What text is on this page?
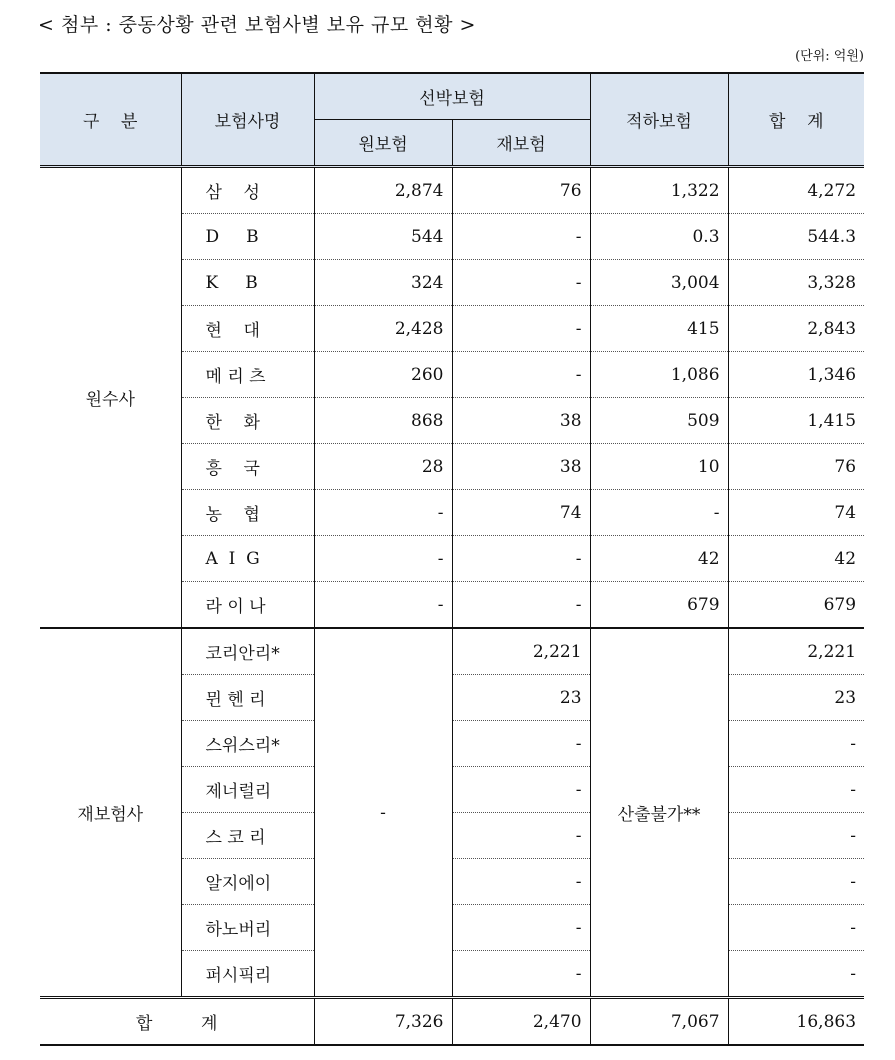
< 첨부 : 중동상황 관련 보험사별 보유 규모 현황 >
(단위: 억원)
구    분	보험사명	선박보험		적하보험	합    계
		원보험	재보험		
원수사	삼    성	2,874	76	1,322	4,272
	D     B	544	-	0.3	544.3
	K     B	324	-	3,004	3,328
	현    대	2,428	-	415	2,843
	메 리 츠	260	-	1,086	1,346
	한    화	868	38	509	1,415
	흥    국	28	38	10	76
	농    협	-	74	-	74
	A  I  G	-	-	42	42
	라 이 나	-	-	679	679
재보험사	코리안리*	-	2,221	산출불가**	2,221
	뮌 헨 리		23		23
	스위스리*		-		-
	제너럴리		-		-
	스 코 리		-		-
	알지에이		-		-
	하노버리		-		-
	퍼시픽리		-		-
합         계		7,326	2,470	7,067	16,863
